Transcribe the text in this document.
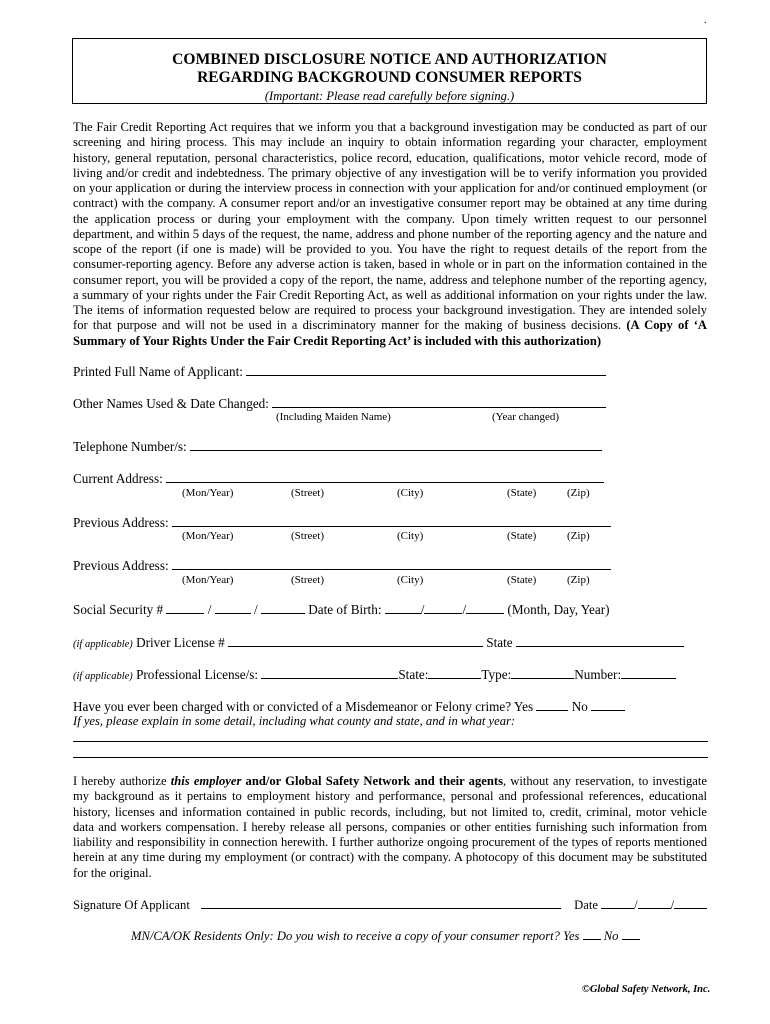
.
COMBINED DISCLOSURE NOTICE AND AUTHORIZATION
REGARDING BACKGROUND CONSUMER REPORTS
(Important: Please read carefully before signing.)
The Fair Credit Reporting Act requires that we inform you that a background investigation may be conducted as part of our screening and hiring process. This may include an inquiry to obtain information regarding your character, employment history, general reputation, personal characteristics, police record, education, qualifications, motor vehicle record, mode of living and/or credit and indebtedness. The primary objective of any investigation will be to verify information you provided on your application or during the interview process in connection with your application for and/or continued employment (or contract) with the company. A consumer report and/or an investigative consumer report may be obtained at any time during the application process or during your employment with the company. Upon timely written request to our personnel department, and within 5 days of the request, the name, address and phone number of the reporting agency and the nature and scope of the report (if one is made) will be provided to you. You have the right to request details of the report from the consumer-reporting agency. Before any adverse action is taken, based in whole or in part on the information contained in the consumer report, you will be provided a copy of the report, the name, address and telephone number of the reporting agency, a summary of your rights under the Fair Credit Reporting Act, as well as additional information on your rights under the law. The items of information requested below are required to process your background investigation. They are intended solely for that purpose and will not be used in a discriminatory manner for the making of business decisions. (A Copy of ‘A Summary of Your Rights Under the Fair Credit Reporting Act’ is included with this authorization)
Printed Full Name of Applicant:
Other Names Used & Date Changed:
(Including Maiden Name)	(Year changed)
Telephone Number/s:
Current Address:
(Mon/Year)	(Street)	(City)	(State)	(Zip)
Previous Address:
(Mon/Year)	(Street)	(City)	(State)	(Zip)
Previous Address:
(Mon/Year)	(Street)	(City)	(State)	(Zip)
Social Security #	/	/	Date of Birth:	/	/	(Month, Day, Year)
(if applicable) Driver License #	State
(if applicable) Professional License/s:	State:	Type:	Number:
Have you ever been charged with or convicted of a Misdemeanor or Felony crime? Yes	No
If yes, please explain in some detail, including what county and state, and in what year:
I hereby authorize this employer and/or Global Safety Network and their agents, without any reservation, to investigate my background as it pertains to employment history and performance, personal and professional references, educational history, licenses and information contained in public records, including, but not limited to, credit, criminal, motor vehicle data and workers compensation. I hereby release all persons, companies or other entities furnishing such information from liability and responsibility in connection herewith. I further authorize ongoing procurement of the types of reports mentioned herein at any time during my employment (or contract) with the company. A photocopy of this document may be substituted for the original.
Signature Of Applicant	Date	/	/
MN/CA/OK Residents Only: Do you wish to receive a copy of your consumer report? Yes No
©Global Safety Network, Inc.
